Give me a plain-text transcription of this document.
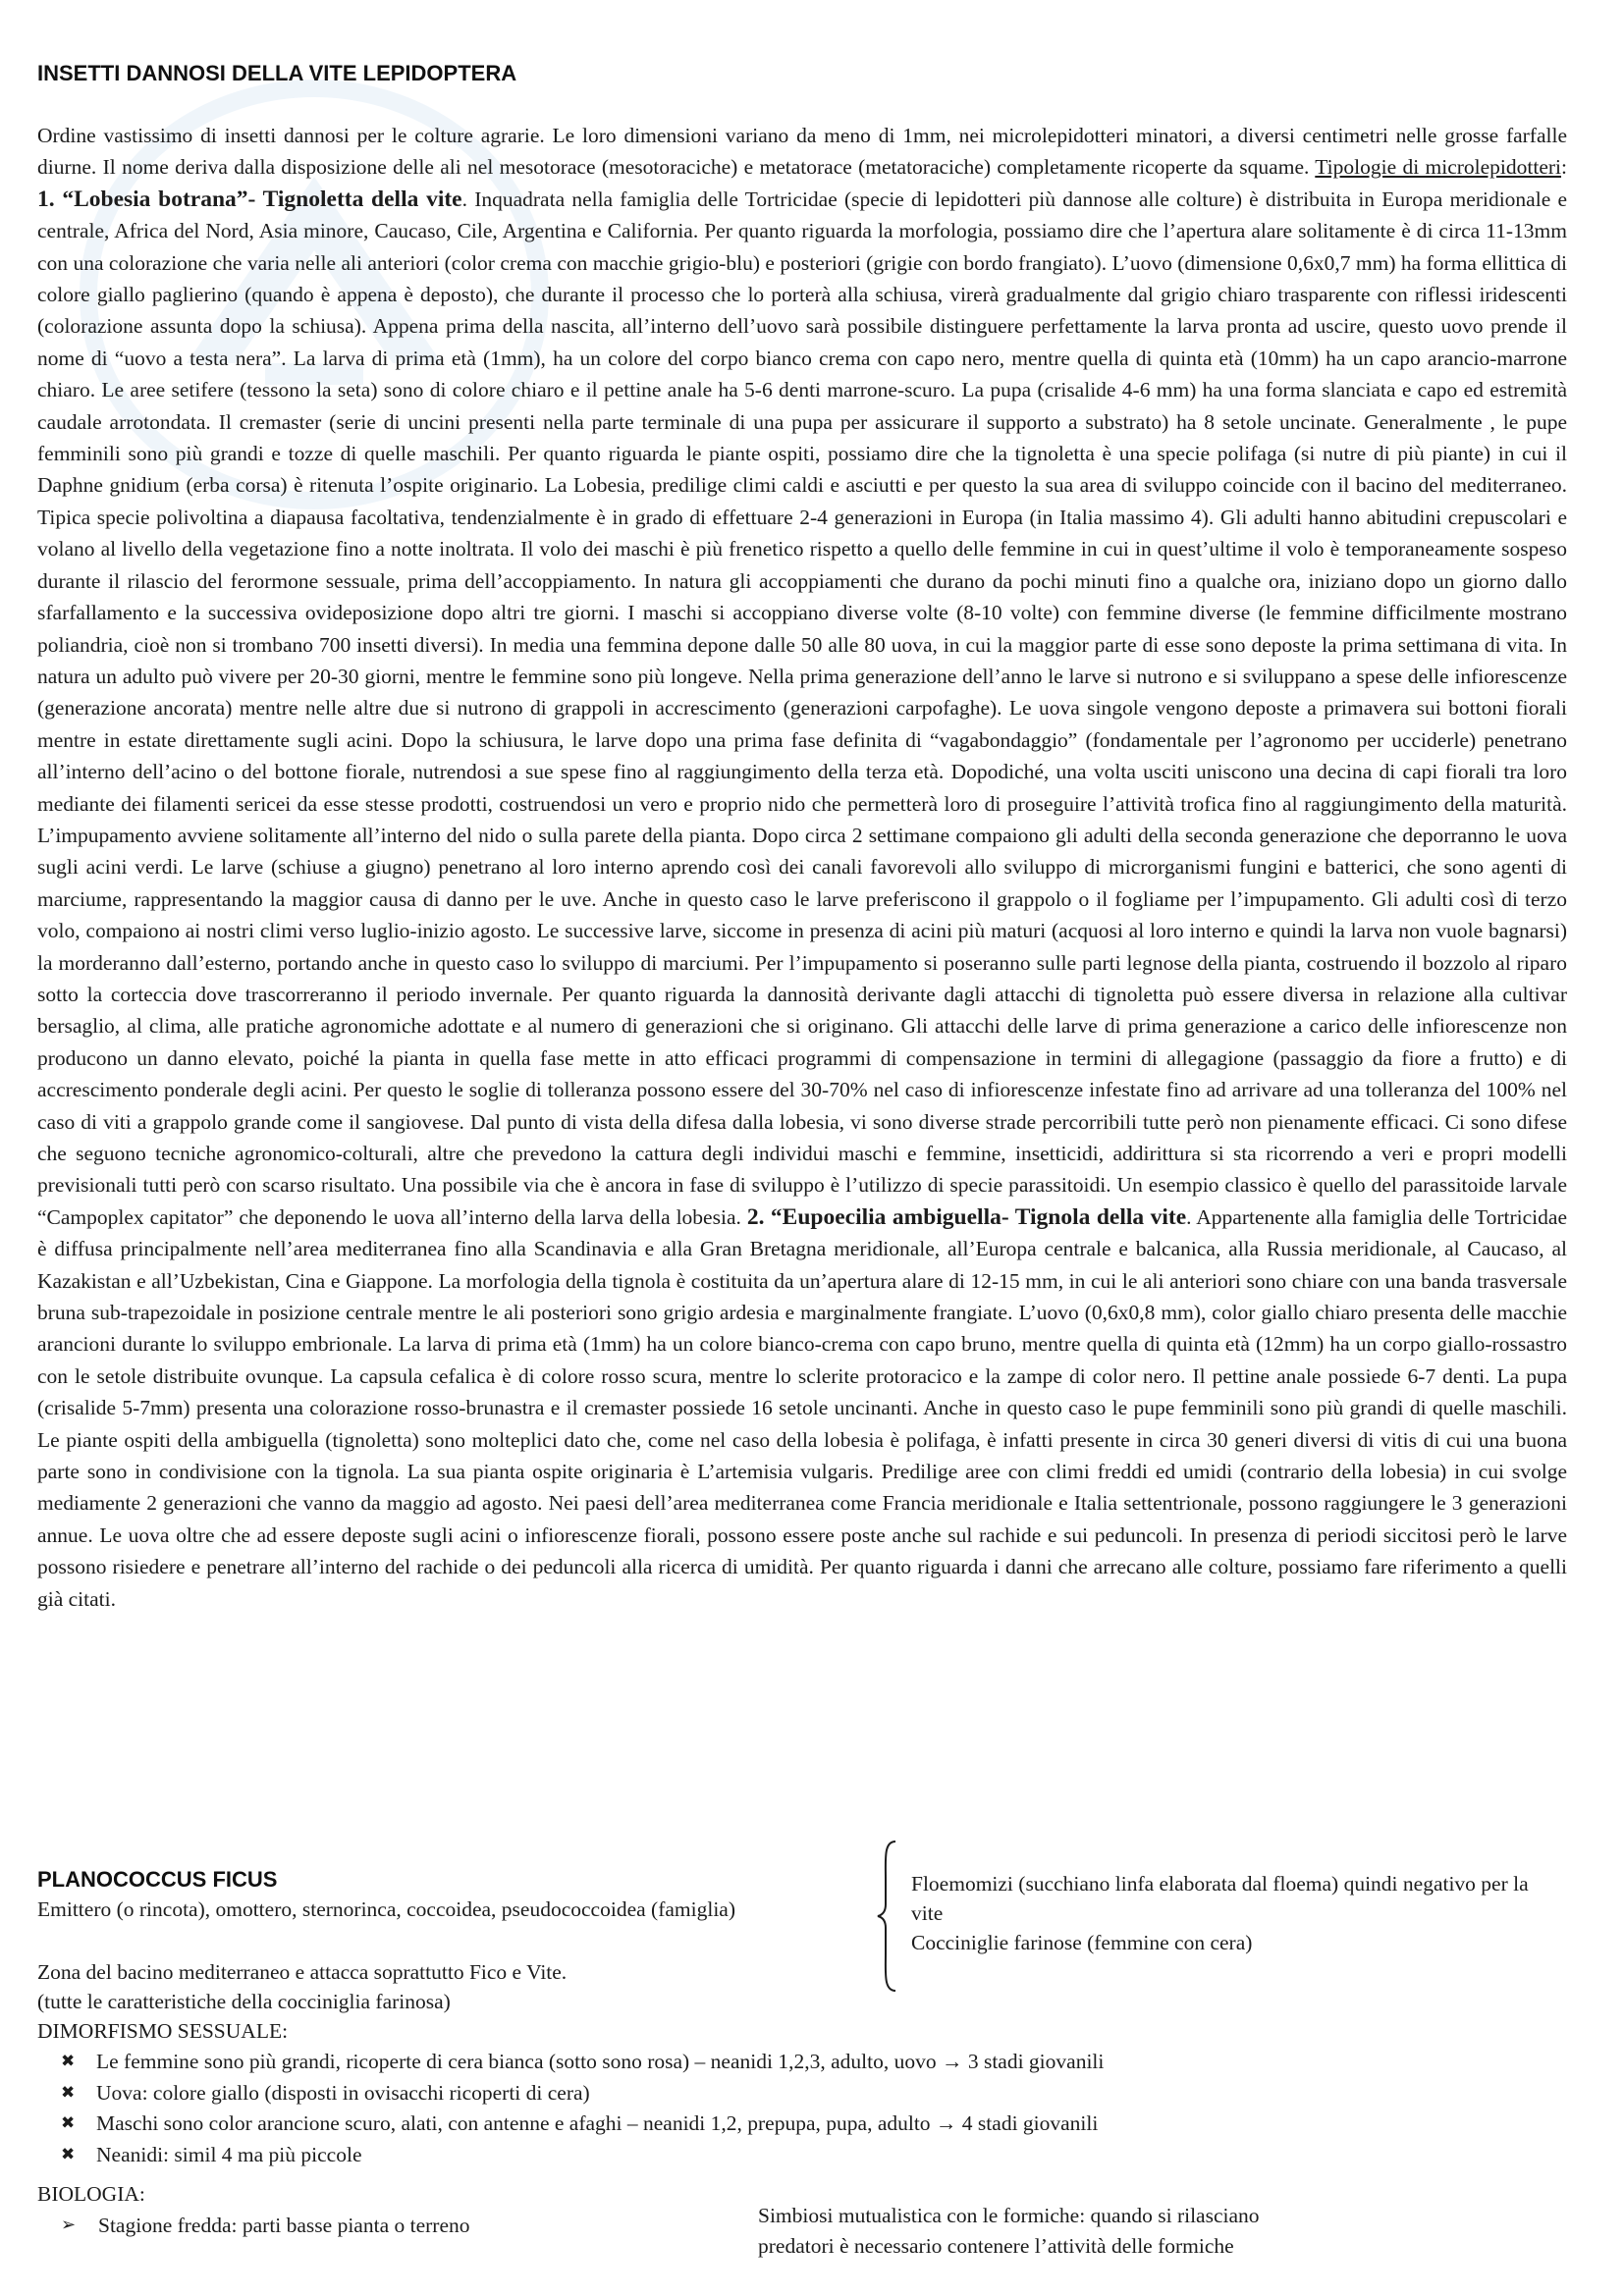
INSETTI DANNOSI DELLA VITE LEPIDOPTERA

Ordine vastissimo di insetti dannosi per le colture agrarie. Le loro dimensioni variano da meno di 1mm, nei microlepidotteri minatori, a diversi centimetri nelle grosse farfalle diurne. Il nome deriva dalla disposizione delle ali nel mesotorace (mesotoraciche) e metatorace (metatoraciche) completamente ricoperte da squame. Tipologie di microlepidotteri: 1. “Lobesia botrana”- Tignoletta della vite. Inquadrata nella famiglia delle Tortricidae (specie di lepidotteri più dannose alle colture) è distribuita in Europa meridionale e centrale, Africa del Nord, Asia minore, Caucaso, Cile, Argentina e California. Per quanto riguarda la morfologia, possiamo dire che l’apertura alare solitamente è di circa 11-13mm con una colorazione che varia nelle ali anteriori (color crema con macchie grigio-blu) e posteriori (grigie con bordo frangiato). L’uovo (dimensione 0,6x0,7 mm) ha forma ellittica di colore giallo paglierino (quando è appena è deposto), che durante il processo che lo porterà alla schiusa, virerà gradualmente dal grigio chiaro trasparente con riflessi iridescenti (colorazione assunta dopo la schiusa). Appena prima della nascita, all’interno dell’uovo sarà possibile distinguere perfettamente la larva pronta ad uscire, questo uovo prende il nome di “uovo a testa nera”. La larva di prima età (1mm), ha un colore del corpo bianco crema con capo nero, mentre quella di quinta età (10mm) ha un capo arancio-marrone chiaro. Le aree setifere (tessono la seta) sono di colore chiaro e il pettine anale ha 5-6 denti marrone-scuro. La pupa (crisalide 4-6 mm) ha una forma slanciata e capo ed estremità caudale arrotondata. Il cremaster (serie di uncini presenti nella parte terminale di una pupa per assicurare il supporto a substrato) ha 8 setole uncinate. Generalmente , le pupe femminili sono più grandi e tozze di quelle maschili. Per quanto riguarda le piante ospiti, possiamo dire che la tignoletta è una specie polifaga (si nutre di più piante) in cui il Daphne gnidium (erba corsa) è ritenuta l’ospite originario. La Lobesia, predilige climi caldi e asciutti e per questo la sua area di sviluppo coincide con il bacino del mediterraneo. Tipica specie polivoltina a diapausa facoltativa, tendenzialmente è in grado di effettuare 2-4 generazioni in Europa (in Italia massimo 4). Gli adulti hanno abitudini crepuscolari e volano al livello della vegetazione fino a notte inoltrata. Il volo dei maschi è più frenetico rispetto a quello delle femmine in cui in quest’ultime il volo è temporaneamente sospeso durante il rilascio del ferormone sessuale, prima dell’accoppiamento. In natura gli accoppiamenti che durano da pochi minuti fino a qualche ora, iniziano dopo un giorno dallo sfarfallamento e la successiva ovideposizione dopo altri tre giorni. I maschi si accoppiano diverse volte (8-10 volte) con femmine diverse (le femmine difficilmente mostrano poliandria, cioè non si trombano 700 insetti diversi). In media una femmina depone dalle 50 alle 80 uova, in cui la maggior parte di esse sono deposte la prima settimana di vita. In natura un adulto può vivere per 20-30 giorni, mentre le femmine sono più longeve. Nella prima generazione dell’anno le larve si nutrono e si sviluppano a spese delle infiorescenze (generazione ancorata) mentre nelle altre due si nutrono di grappoli in accrescimento (generazioni carpofaghe). Le uova singole vengono deposte a primavera sui bottoni fiorali mentre in estate direttamente sugli acini. Dopo la schiusura, le larve dopo una prima fase definita di “vagabondaggio” (fondamentale per l’agronomo per ucciderle) penetrano all’interno dell’acino o del bottone fiorale, nutrendosi a sue spese fino al raggiungimento della terza età. Dopodiché, una volta usciti uniscono una decina di capi fiorali tra loro mediante dei filamenti sericei da esse stesse prodotti, costruendosi un vero e proprio nido che permetterà loro di proseguire l’attività trofica fino al raggiungimento della maturità. L’impupamento avviene solitamente all’interno del nido o sulla parete della pianta. Dopo circa 2 settimane compaiono gli adulti della seconda generazione che deporranno le uova sugli acini verdi. Le larve (schiuse a giugno) penetrano al loro interno aprendo così dei canali favorevoli allo sviluppo di microrganismi fungini e batterici, che sono agenti di marciume, rappresentando la maggior causa di danno per le uve. Anche in questo caso le larve preferiscono il grappolo o il fogliame per l’impupamento. Gli adulti così di terzo volo, compaiono ai nostri climi verso luglio-inizio agosto. Le successive larve, siccome in presenza di acini più maturi (acquosi al loro interno e quindi la larva non vuole bagnarsi) la morderanno dall’esterno, portando anche in questo caso lo sviluppo di marciumi. Per l’impupamento si poseranno sulle parti legnose della pianta, costruendo il bozzolo al riparo sotto la corteccia dove trascorreranno il periodo invernale. Per quanto riguarda la dannosità derivante dagli attacchi di tignoletta può essere diversa in relazione alla cultivar bersaglio, al clima, alle pratiche agronomiche adottate e al numero di generazioni che si originano. Gli attacchi delle larve di prima generazione a carico delle infiorescenze non producono un danno elevato, poiché la pianta in quella fase mette in atto efficaci programmi di compensazione in termini di allegagione (passaggio da fiore a frutto) e di accrescimento ponderale degli acini. Per questo le soglie di tolleranza possono essere del 30-70% nel caso di infiorescenze infestate fino ad arrivare ad una tolleranza del 100% nel caso di viti a grappolo grande come il sangiovese. Dal punto di vista della difesa dalla lobesia, vi sono diverse strade percorribili tutte però non pienamente efficaci. Ci sono difese che seguono tecniche agronomico-colturali, altre che prevedono la cattura degli individui maschi e femmine, insetticidi, addirittura si sta ricorrendo a veri e propri modelli previsionali tutti però con scarso risultato. Una possibile via che è ancora in fase di sviluppo è l’utilizzo di specie parassitoidi. Un esempio classico è quello del parassitoide larvale “Campoplex capitator” che deponendo le uova all’interno della larva della lobesia. 2. “Eupoecilia ambiguella- Tignola della vite. Appartenente alla famiglia delle Tortricidae è diffusa principalmente nell’area mediterranea fino alla Scandinavia e alla Gran Bretagna meridionale, all’Europa centrale e balcanica, alla Russia meridionale, al Caucaso, al Kazakistan e all’Uzbekistan, Cina e Giappone. La morfologia della tignola è costituita da un’apertura alare di 12-15 mm, in cui le ali anteriori sono chiare con una banda trasversale bruna sub-trapezoidale in posizione centrale mentre le ali posteriori sono grigio ardesia e marginalmente frangiate. L’uovo (0,6x0,8 mm), color giallo chiaro presenta delle macchie arancioni durante lo sviluppo embrionale. La larva di prima età (1mm) ha un colore bianco-crema con capo bruno, mentre quella di quinta età (12mm) ha un corpo giallo-rossastro con le setole distribuite ovunque. La capsula cefalica è di colore rosso scura, mentre lo sclerite protoracico e la zampe di color nero. Il pettine anale possiede 6-7 denti. La pupa (crisalide 5-7mm) presenta una colorazione rosso-brunastra e il cremaster possiede 16 setole uncinanti. Anche in questo caso le pupe femminili sono più grandi di quelle maschili. Le piante ospiti della ambiguella (tignoletta) sono molteplici dato che, come nel caso della lobesia è polifaga, è infatti presente in circa 30 generi diversi di vitis di cui una buona parte sono in condivisione con la tignola. La sua pianta ospite originaria è L’artemisia vulgaris. Predilige aree con climi freddi ed umidi (contrario della lobesia) in cui svolge mediamente 2 generazioni che vanno da maggio ad agosto. Nei paesi dell’area mediterranea come Francia meridionale e Italia settentrionale, possono raggiungere le 3 generazioni annue. Le uova oltre che ad essere deposte sugli acini o infiorescenze fiorali, possono essere poste anche sul rachide e sui peduncoli. In presenza di periodi siccitosi però le larve possono risiedere e penetrare all’interno del rachide o dei peduncoli alla ricerca di umidità. Per quanto riguarda i danni che arrecano alle colture, possiamo fare riferimento a quelli già citati.

PLANOCOCCUS FICUS

Emittero (o rincota), omottero, sternorinca, coccoidea, pseudococcoidea (famiglia)

Floemomizi (succhiano linfa elaborata dal floema) quindi negativo per la vite
Cocciniglie farinose (femmine con cera)

Zona del bacino mediterraneo e attacca soprattutto Fico e Vite.

(tutte le caratteristiche della cocciniglia farinosa)

DIMORFISMO SESSUALE:

✖ Le femmine sono più grandi, ricoperte di cera bianca (sotto sono rosa) – neanidi 1,2,3, adulto, uovo → 3 stadi giovanili
✖ Uova: colore giallo (disposti in ovisacchi ricoperti di cera)
✖ Maschi sono color arancione scuro, alati, con antenne e afaghi – neanidi 1,2, prepupa, pupa, adulto → 4 stadi giovanili
✖ Neanidi: simil 4 ma più piccole

BIOLOGIA:

➢ Stagione fredda: parti basse pianta o terreno	Simbiosi mutualistica con le formiche: quando si rilasciano predatori è necessario contenere l’attività delle formiche
